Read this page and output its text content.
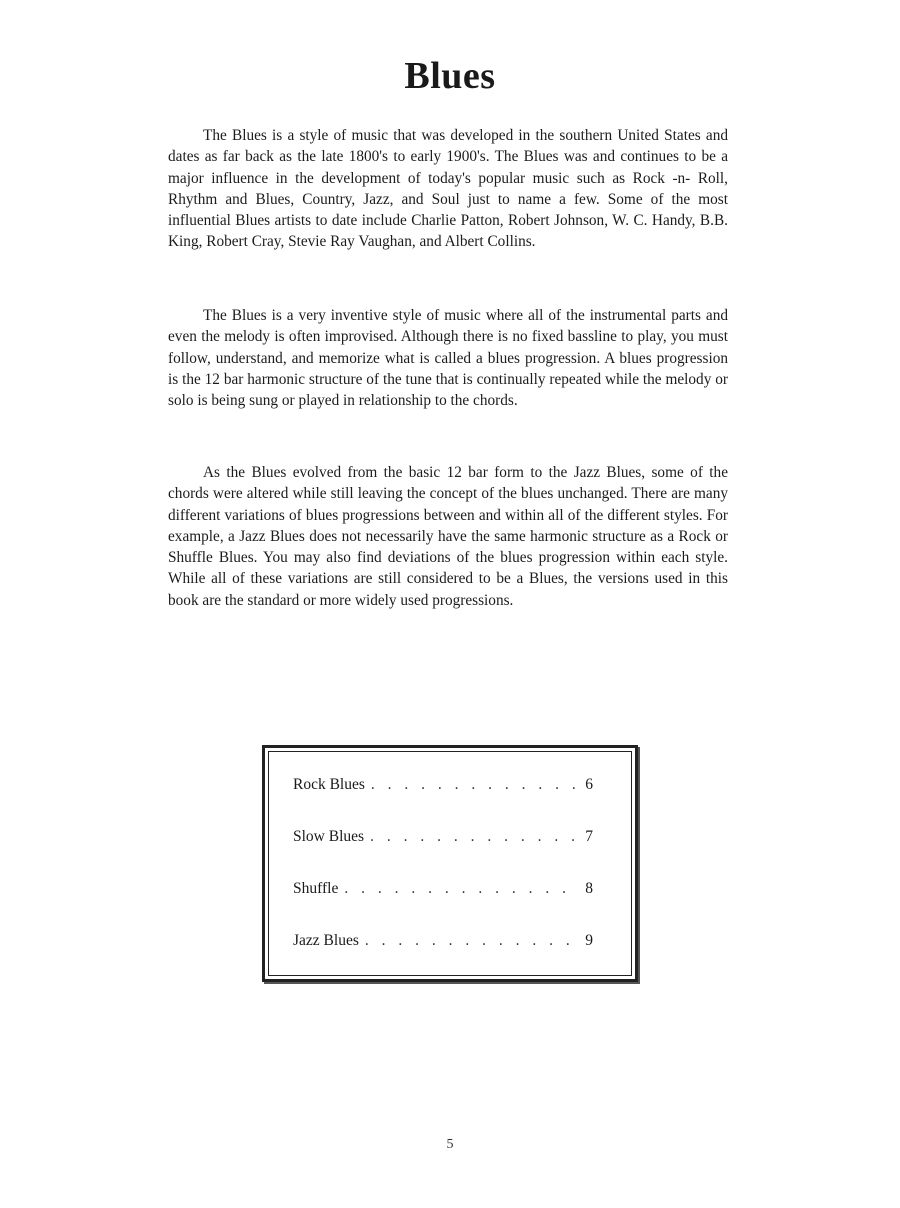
Blues

The Blues is a style of music that was developed in the southern United States and dates as far back as the late 1800's to early 1900's. The Blues was and continues to be a major influence in the development of today's popular music such as Rock -n- Roll, Rhythm and Blues, Country, Jazz, and Soul just to name a few. Some of the most influential Blues artists to date include Charlie Patton, Robert Johnson, W. C. Handy, B.B. King, Robert Cray, Stevie Ray Vaughan, and Albert Collins.

The Blues is a very inventive style of music where all of the instrumental parts and even the melody is often improvised. Although there is no fixed bassline to play, you must follow, understand, and memorize what is called a blues progression. A blues progression is the 12 bar harmonic structure of the tune that is continually repeated while the melody or solo is being sung or played in relationship to the chords.

As the Blues evolved from the basic 12 bar form to the Jazz Blues, some of the chords were altered while still leaving the concept of the blues unchanged. There are many different variations of blues progressions between and within all of the different styles. For example, a Jazz Blues does not necessarily have the same harmonic structure as a Rock or Shuffle Blues. You may also find deviations of the blues progression within each style. While all of these variations are still considered to be a Blues, the versions used in this book are the standard or more widely used progressions.

Rock Blues . . .	6
Slow Blues . . .	7
Shuffle . . .	8
Jazz Blues . . .	9
5
